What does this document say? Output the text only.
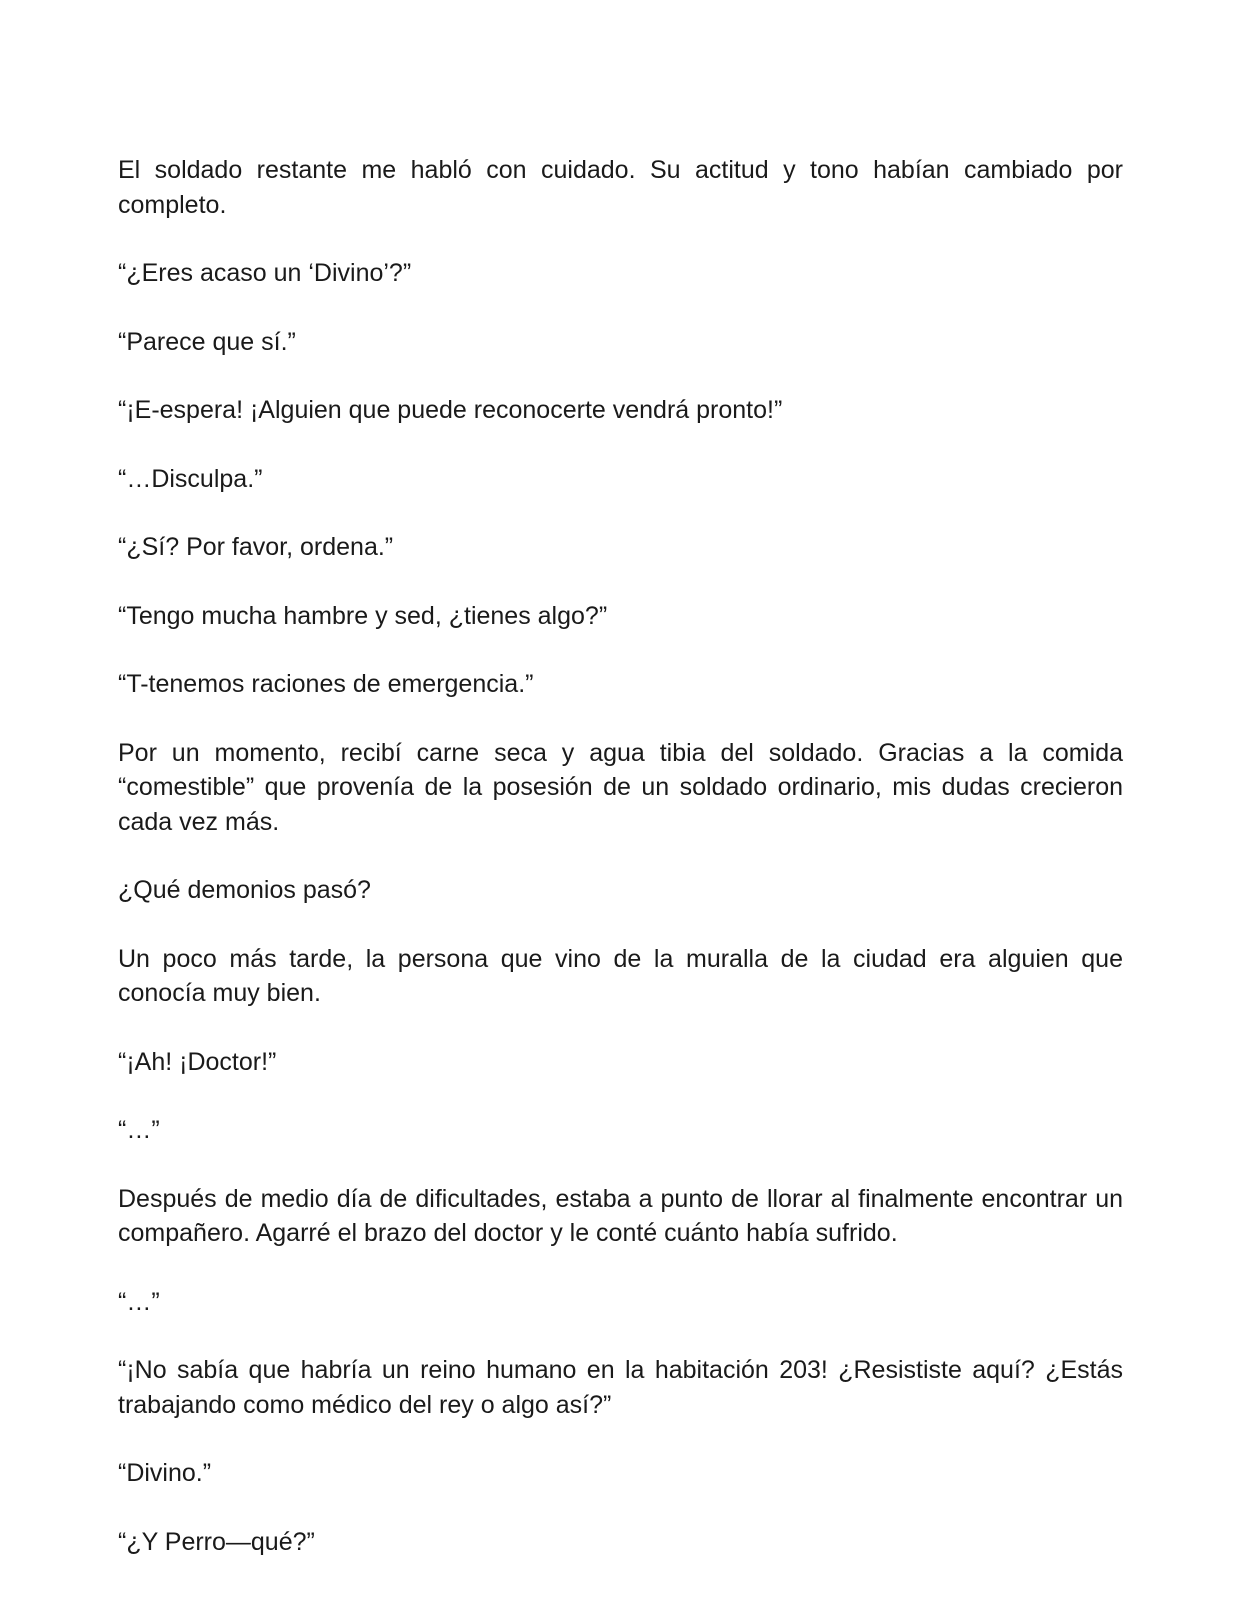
El soldado restante me habló con cuidado. Su actitud y tono habían cambiado por completo.

“¿Eres acaso un ‘Divino’?”

“Parece que sí.”

“¡E-espera! ¡Alguien que puede reconocerte vendrá pronto!”

“…Disculpa.”

“¿Sí? Por favor, ordena.”

“Tengo mucha hambre y sed, ¿tienes algo?”

“T-tenemos raciones de emergencia.”

Por un momento, recibí carne seca y agua tibia del soldado. Gracias a la comida “comestible” que provenía de la posesión de un soldado ordinario, mis dudas crecieron cada vez más.

¿Qué demonios pasó?

Un poco más tarde, la persona que vino de la muralla de la ciudad era alguien que conocía muy bien.

“¡Ah! ¡Doctor!”

“…”

Después de medio día de dificultades, estaba a punto de llorar al finalmente encontrar un compañero. Agarré el brazo del doctor y le conté cuánto había sufrido.

“…”

“¡No sabía que habría un reino humano en la habitación 203! ¿Resististe aquí? ¿Estás trabajando como médico del rey o algo así?”

“Divino.”

“¿Y Perro—qué?”
